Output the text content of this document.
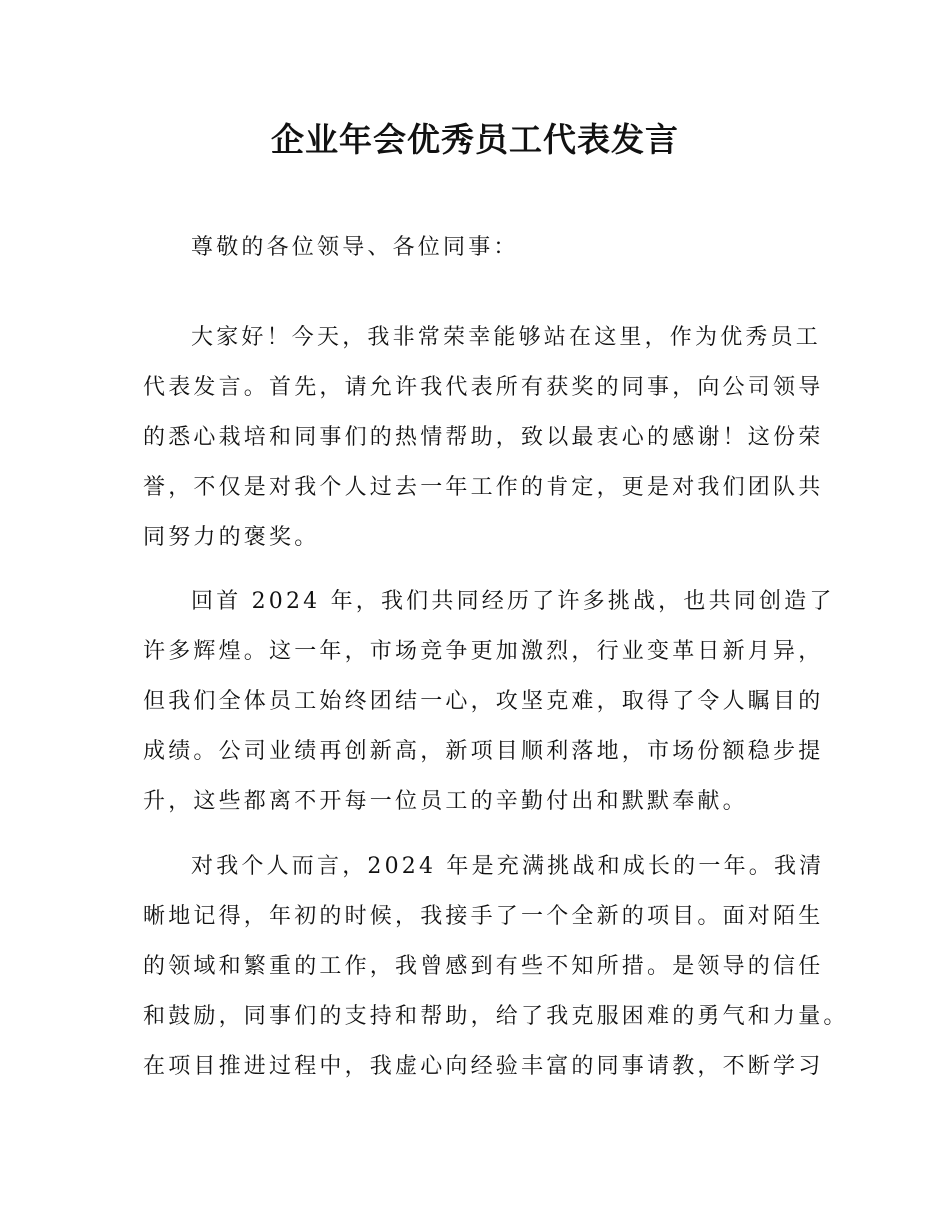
企业年会优秀员工代表发言

尊敬的各位领导、各位同事：

大家好！今天，我非常荣幸能够站在这里，作为优秀员工

代表发言。首先，请允许我代表所有获奖的同事，向公司领导

的悉心栽培和同事们的热情帮助，致以最衷心的感谢！这份荣

誉，不仅是对我个人过去一年工作的肯定，更是对我们团队共

同努力的褒奖。

回首 2024 年，我们共同经历了许多挑战，也共同创造了

许多辉煌。这一年，市场竞争更加激烈，行业变革日新月异，

但我们全体员工始终团结一心，攻坚克难，取得了令人瞩目的

成绩。公司业绩再创新高，新项目顺利落地，市场份额稳步提

升，这些都离不开每一位员工的辛勤付出和默默奉献。

对我个人而言，2024 年是充满挑战和成长的一年。我清

晰地记得，年初的时候，我接手了一个全新的项目。面对陌生

的领域和繁重的工作，我曾感到有些不知所措。是领导的信任

和鼓励，同事们的支持和帮助，给了我克服困难的勇气和力量。

在项目推进过程中，我虚心向经验丰富的同事请教，不断学习
